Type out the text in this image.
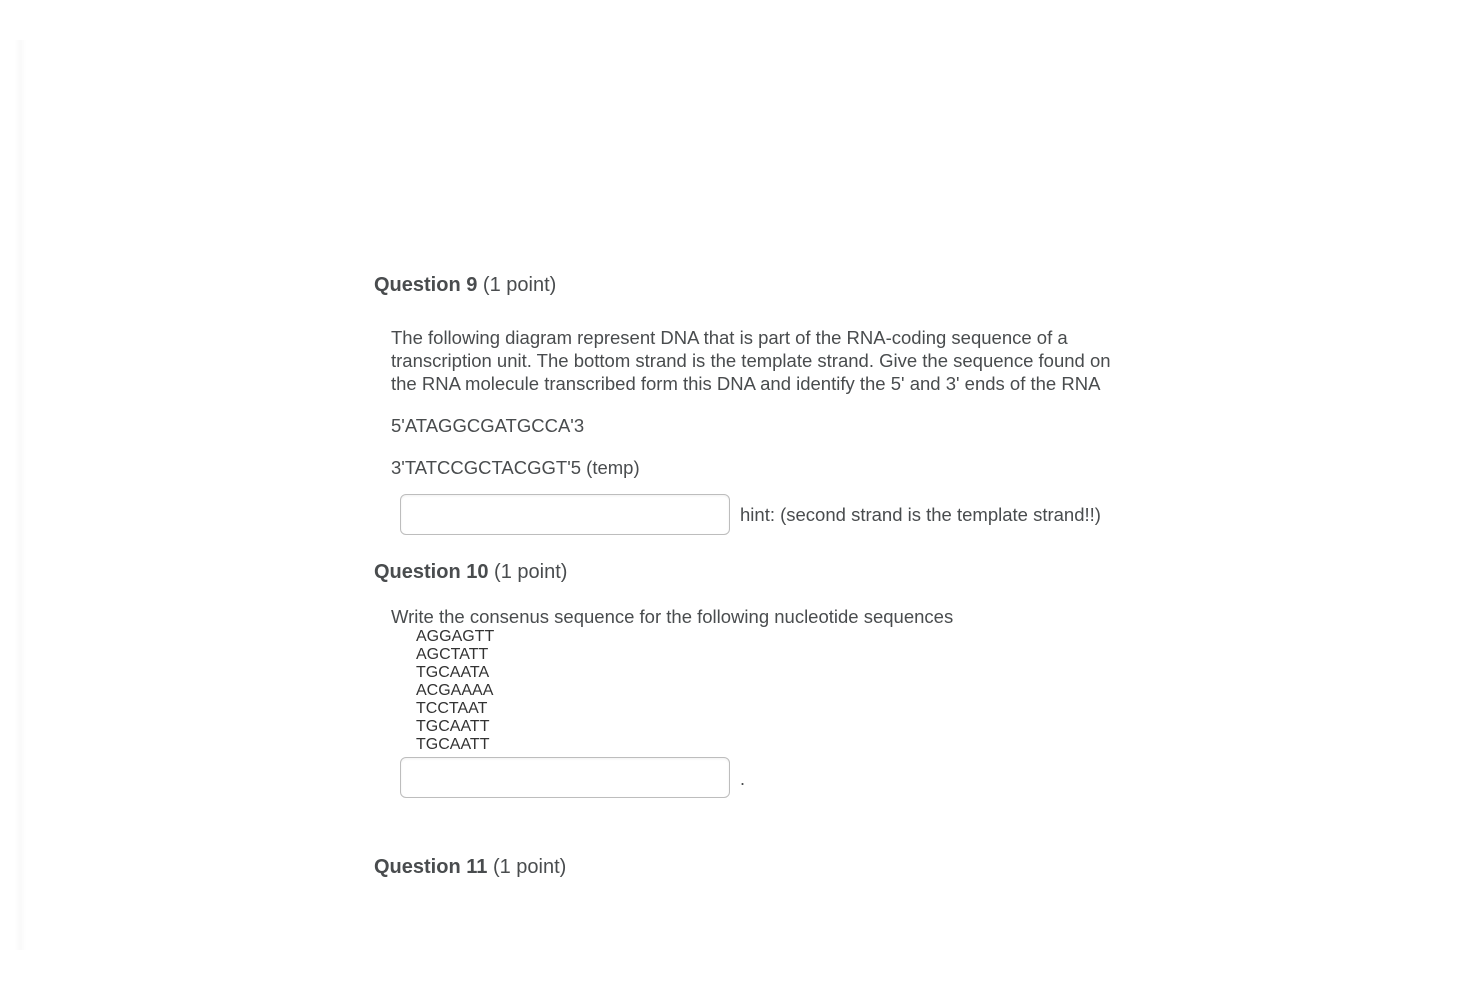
Question 9 (1 point)

The following diagram represent DNA that is part of the RNA-coding sequence of a transcription unit. The bottom strand is the template strand. Give the sequence found on the RNA molecule transcribed form this DNA and identify the 5' and 3' ends of the RNA

5'ATAGGCGATGCCA'3

3'TATCCGCTACGGT'5 (temp)

hint: (second strand is the template strand!!)
Question 10 (1 point)

Write the consenus sequence for the following nucleotide sequences

AGGAGTT
AGCTATT
TGCAATA
ACGAAAA
TCCTAAT
TGCAATT
TGCAATT
.
Question 11 (1 point)
